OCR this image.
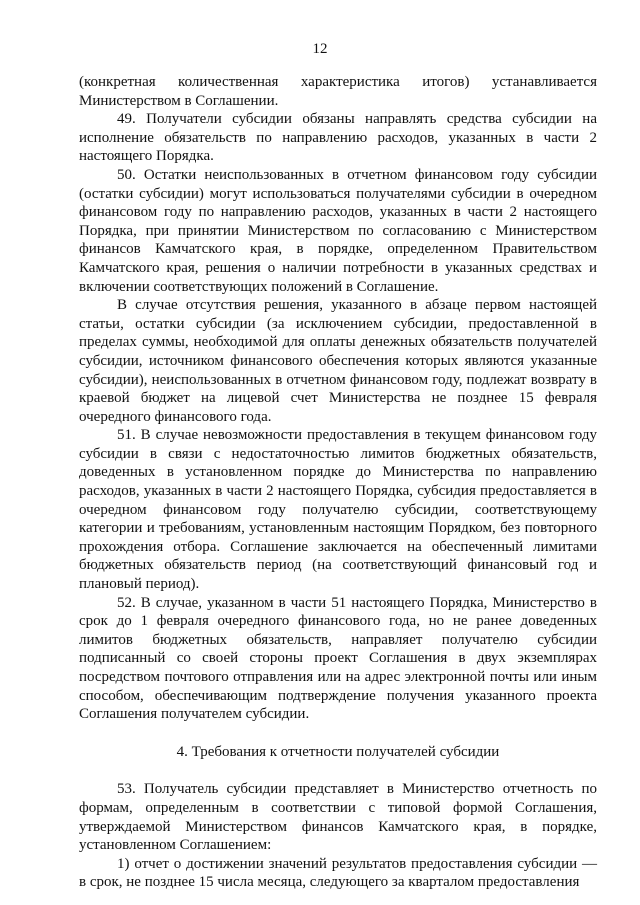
12

(конкретная количественная характеристика итогов) устанавливается Министерством в Соглашении.

49. Получатели субсидии обязаны направлять средства субсидии на исполнение обязательств по направлению расходов, указанных в части 2 настоящего Порядка.

50. Остатки неиспользованных в отчетном финансовом году субсидии (остатки субсидии) могут использоваться получателями субсидии в очередном финансовом году по направлению расходов, указанных в части 2 настоящего Порядка, при принятии Министерством по согласованию с Министерством финансов Камчатского края, в порядке, определенном Правительством Камчатского края, решения о наличии потребности в указанных средствах и включении соответствующих положений в Соглашение.

В случае отсутствия решения, указанного в абзаце первом настоящей статьи, остатки субсидии (за исключением субсидии, предоставленной в пределах суммы, необходимой для оплаты денежных обязательств получателей субсидии, источником финансового обеспечения которых являются указанные субсидии), неиспользованных в отчетном финансовом году, подлежат возврату в краевой бюджет на лицевой счет Министерства не позднее 15 февраля очередного финансового года.

51. В случае невозможности предоставления в текущем финансовом году субсидии в связи с недостаточностью лимитов бюджетных обязательств, доведенных в установленном порядке до Министерства по направлению расходов, указанных в части 2 настоящего Порядка, субсидия предоставляется в очередном финансовом году получателю субсидии, соответствующему категории и требованиям, установленным настоящим Порядком, без повторного прохождения отбора. Соглашение заключается на обеспеченный лимитами бюджетных обязательств период (на соответствующий финансовый год и плановый период).

52. В случае, указанном в части 51 настоящего Порядка, Министерство в срок до 1 февраля очередного финансового года, но не ранее доведенных лимитов бюджетных обязательств, направляет получателю субсидии подписанный со своей стороны проект Соглашения в двух экземплярах посредством почтового отправления или на адрес электронной почты или иным способом, обеспечивающим подтверждение получения указанного проекта Соглашения получателем субсидии.

4. Требования к отчетности получателей субсидии

53. Получатель субсидии представляет в Министерство отчетность по формам, определенным в соответствии с типовой формой Соглашения, утверждаемой Министерством финансов Камчатского края, в порядке, установленном Соглашением:

1) отчет о достижении значений результатов предоставления субсидии — в срок, не позднее 15 числа месяца, следующего за кварталом предоставления
